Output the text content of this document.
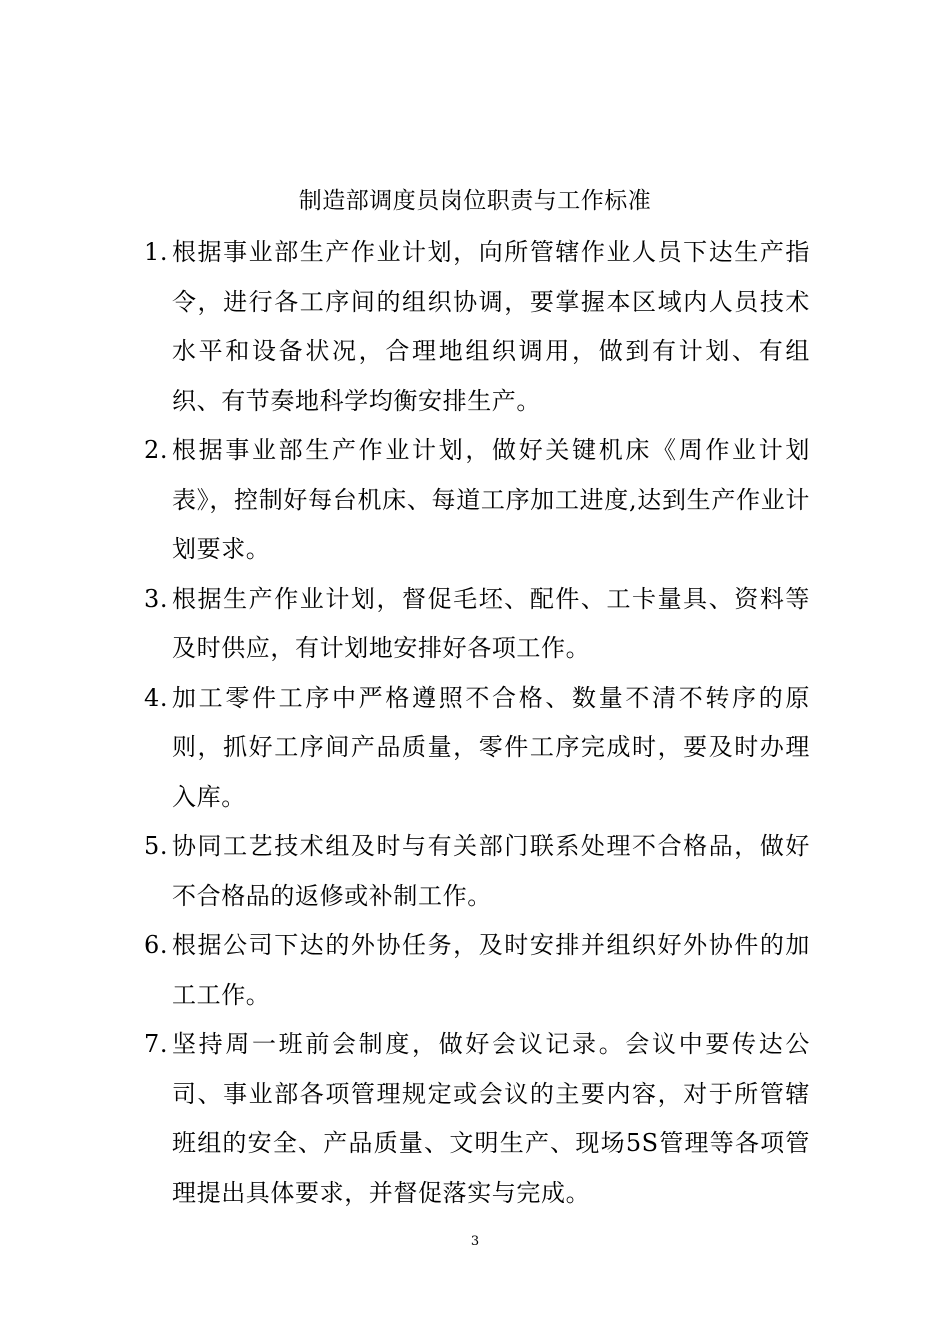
制造部调度员岗位职责与工作标准
1. 根据事业部生产作业计划，向所管辖作业人员下达生产指　　　　令，进行各工序间的组织协调，要掌握本区域内人员技术水平和设备状况，合理地组织调用，做到有计划、有组织、有节奏地科学均衡安排生产。
2. 根据事业部生产作业计划，做好关键机床《周作业计划表》，控制好每台机床、每道工序加工进度,达到生产作业计划要求。
3. 根据生产作业计划，督促毛坯、配件、工卡量具、资料等及时供应，有计划地安排好各项工作。
4. 加工零件工序中严格遵照不合格、数量不清不转序的原则，抓好工序间产品质量，零件工序完成时，要及时办理入库。
5. 协同工艺技术组及时与有关部门联系处理不合格品，做好不合格品的返修或补制工作。
6. 根据公司下达的外协任务，及时安排并组织好外协件的加工工作。
7. 坚持周一班前会制度，做好会议记录。会议中要传达公司、事业部各项管理规定或会议的主要内容，对于所管辖班组的安全、产品质量、文明生产、现场5S管理等各项管理提出具体要求，并督促落实与完成。
3
